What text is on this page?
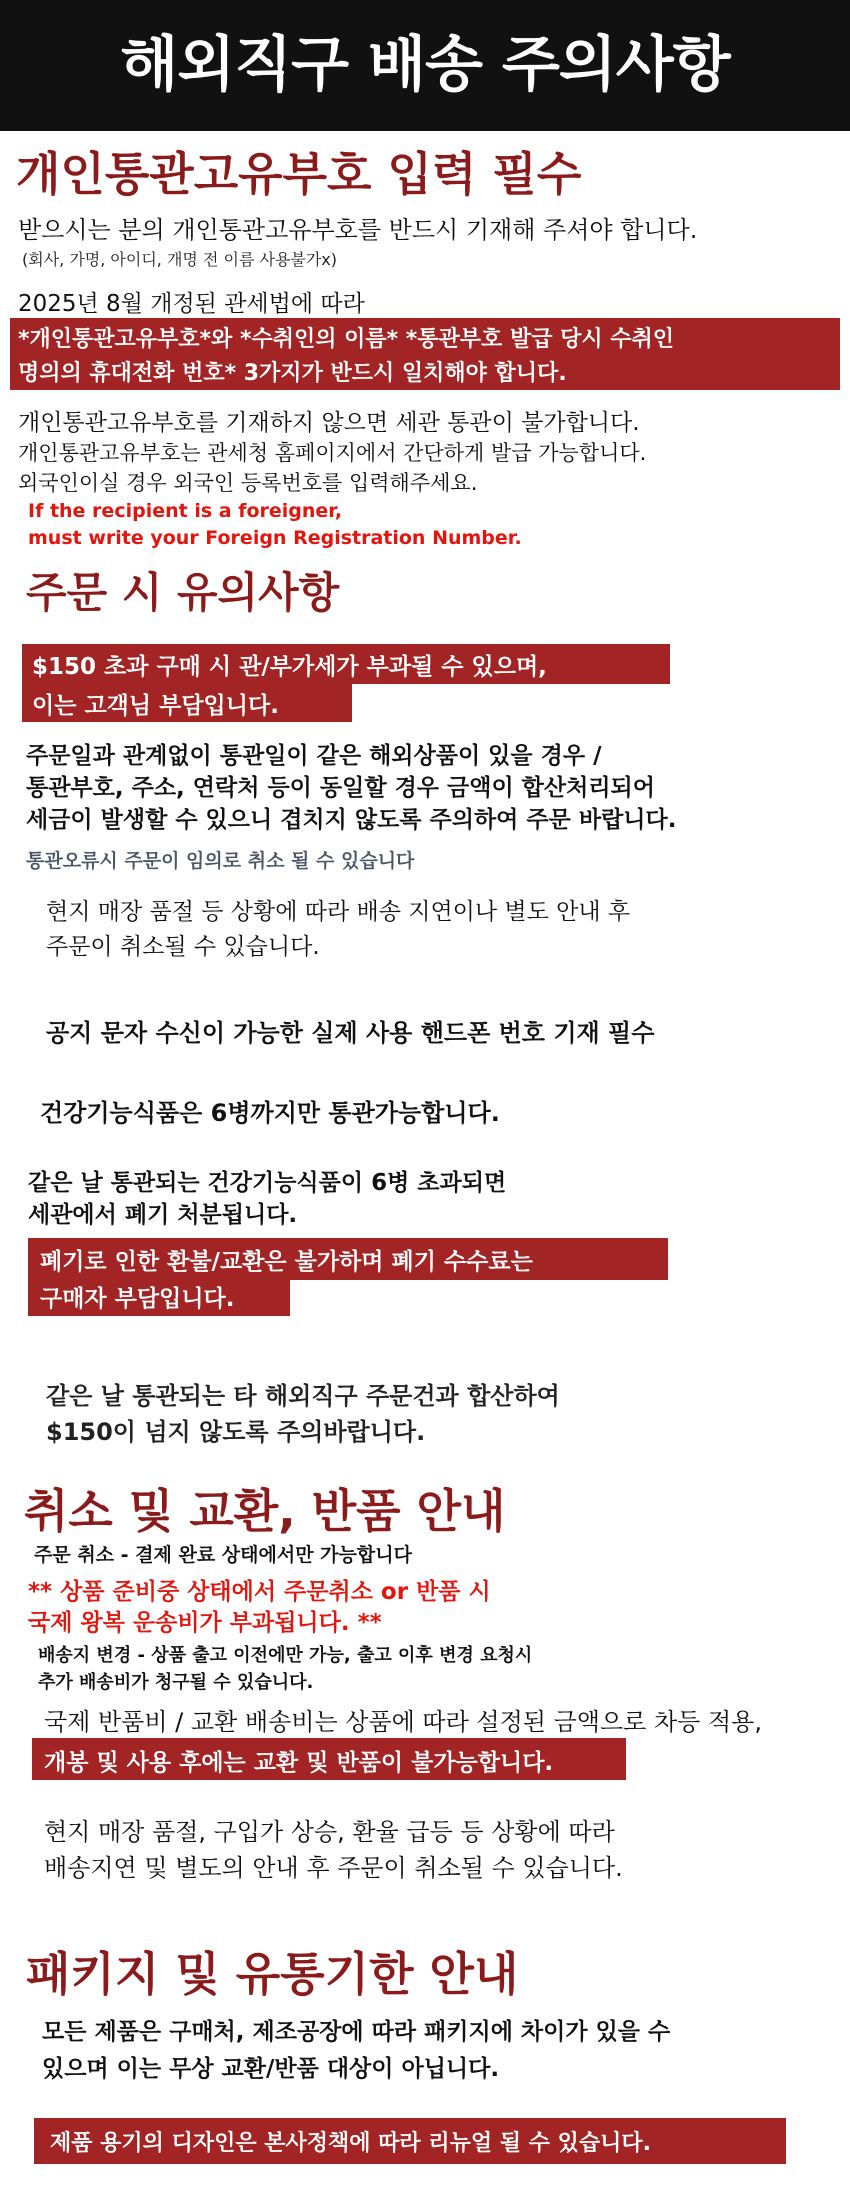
해외직구 배송 주의사항
개인통관고유부호 입력 필수
받으시는 분의 개인통관고유부호를 반드시 기재해 주셔야 합니다.
(회사, 가명, 아이디, 개명 전 이름 사용불가x)
2025년 8월 개정된 관세법에 따라
*개인통관고유부호*와 *수취인의 이름* *통관부호 발급 당시 수취인
명의의 휴대전화 번호* 3가지가 반드시 일치해야 합니다.
개인통관고유부호를 기재하지 않으면 세관 통관이 불가합니다.
개인통관고유부호는 관세청 홈페이지에서 간단하게 발급 가능합니다.
외국인이실 경우 외국인 등록번호를 입력해주세요.
If the recipient is a foreigner,
must write your Foreign Registration Number.
주문 시 유의사항
$150 초과 구매 시 관/부가세가 부과될 수 있으며,
이는 고객님 부담입니다.
주문일과 관계없이 통관일이 같은 해외상품이 있을 경우 /
통관부호, 주소, 연락처 등이 동일할 경우 금액이 합산처리되어
세금이 발생할 수 있으니 겹치지 않도록 주의하여 주문 바랍니다.
통관오류시 주문이 임의로 취소 될 수 있습니다
현지 매장 품절 등 상황에 따라 배송 지연이나 별도 안내 후
주문이 취소될 수 있습니다.
공지 문자 수신이 가능한 실제 사용 핸드폰 번호 기재 필수
건강기능식품은 6병까지만 통관가능합니다.
같은 날 통관되는 건강기능식품이 6병 초과되면
세관에서 폐기 처분됩니다.
폐기로 인한 환불/교환은 불가하며 폐기 수수료는
구매자 부담입니다.
같은 날 통관되는 타 해외직구 주문건과 합산하여
$150이 넘지 않도록 주의바랍니다.
취소 및 교환, 반품 안내
주문 취소 - 결제 완료 상태에서만 가능합니다
** 상품 준비중 상태에서 주문취소 or 반품 시
국제 왕복 운송비가 부과됩니다. **
배송지 변경 - 상품 출고 이전에만 가능, 출고 이후 변경 요청시
추가 배송비가 청구될 수 있습니다.
국제 반품비 / 교환 배송비는 상품에 따라 설정된 금액으로 차등 적용,
개봉 및 사용 후에는 교환 및 반품이 불가능합니다.
현지 매장 품절, 구입가 상승, 환율 급등 등 상황에 따라
배송지연 및 별도의 안내 후 주문이 취소될 수 있습니다.
패키지 및 유통기한 안내
모든 제품은 구매처, 제조공장에 따라 패키지에 차이가 있을 수
있으며 이는 무상 교환/반품 대상이 아닙니다.
제품 용기의 디자인은 본사정책에 따라 리뉴얼 될 수 있습니다.
